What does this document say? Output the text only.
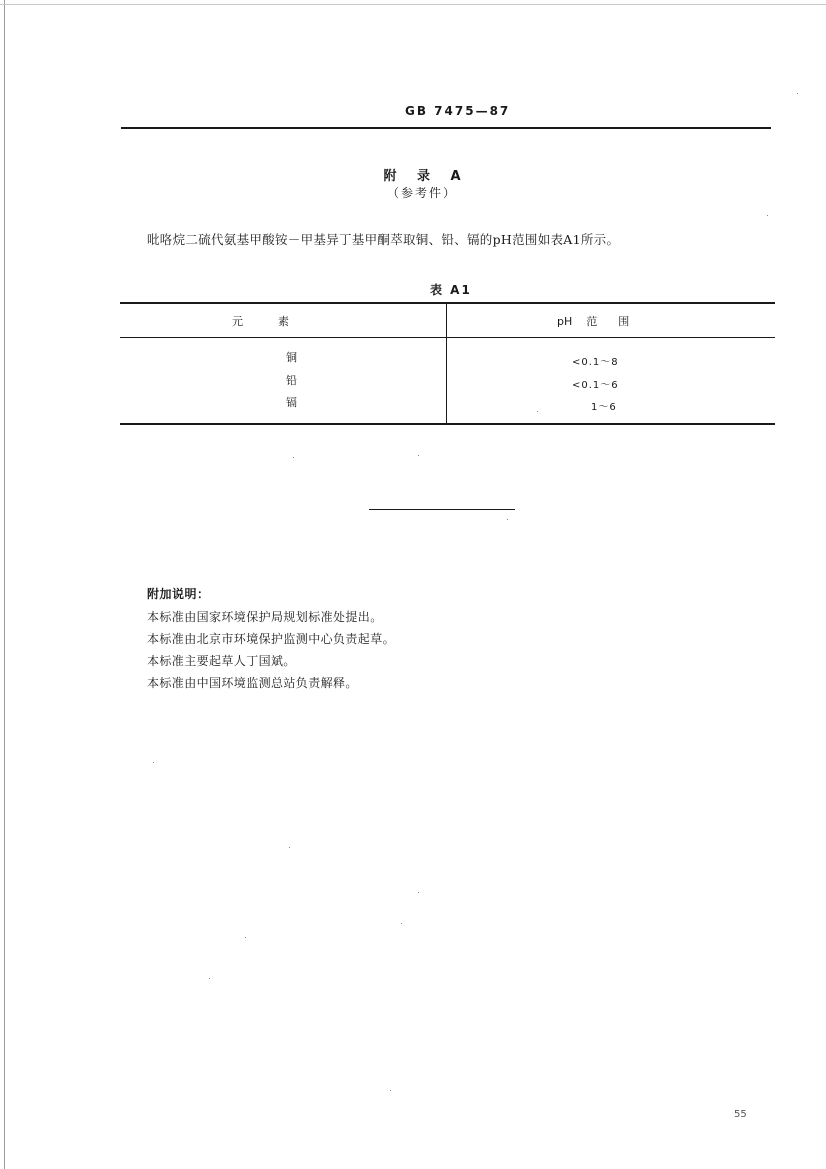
GB 7475—87
附 录 A
（参考件）
吡咯烷二硫代氨基甲酸铵－甲基异丁基甲酮萃取铜、铅、镉的pH范围如表A1所示。
表 A1
元          素	pH    范      围
铜	<0.1～8
铅	<0.1～6
镉	1～6
附加说明：
本标准由国家环境保护局规划标准处提出。
本标准由北京市环境保护监测中心负责起草。
本标准主要起草人丁国斌。
本标准由中国环境监测总站负责解释。
55
